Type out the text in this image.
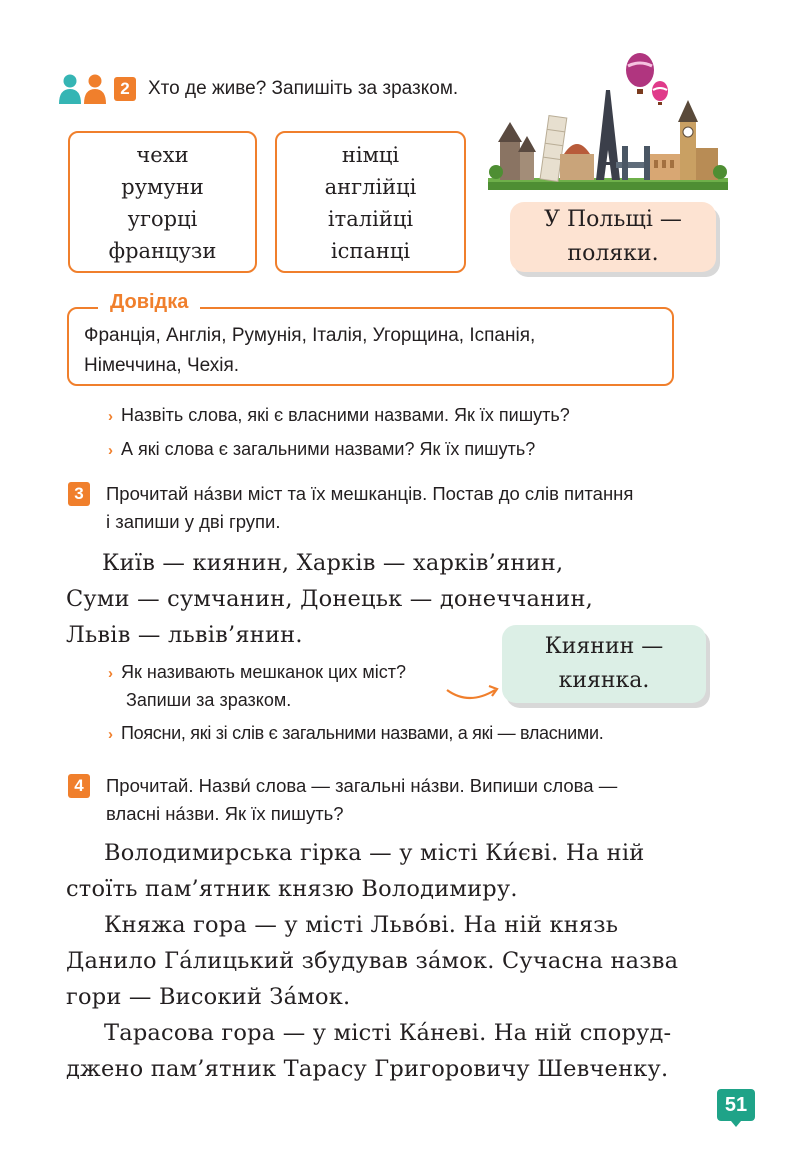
2 Хто де живе? Запишіть за зразком.
чехи
румуни
угорці
французи
німці
англійці
італійці
іспанці
У Польщі —
поляки.
Довідка
Франція, Англія, Румунія, Італія, Угорщина, Іспанія,
Німеччина, Чехія.
› Назвіть слова, які є власними назвами. Як їх пишуть?
› А які слова є загальними назвами? Як їх пишуть?
3	Прочитай на́зви міст та їх мешканців. Постав до слів питання
і запиши у дві групи.

Київ — киянин, Харків — харків’янин,

Суми — сумчанин, Донецьк — донеччанин,

Львів — львів’янин.

› Як називають мешканок цих міст?
Запиши за зразком.
Киянин —
киянка.
› Поясни, які зі слів є загальними назвами, а які — власними.
4	Прочитай. Назви́ слова — загальні на́зви. Випиши слова —
власні на́зви. Як їх пишуть?

Володимирська гірка — у місті Ки́єві. На ній

стоїть пам’ятник князю Володимиру.

Княжа гора — у місті Льво́ві. На ній князь

Данило Га́лицький збудував за́мок. Сучасна назва

гори — Високий За́мок.

Тарасова гора — у місті Ка́неві. На ній споруд-

джено пам’ятник Тарасу Григоровичу Шевченку.

51
